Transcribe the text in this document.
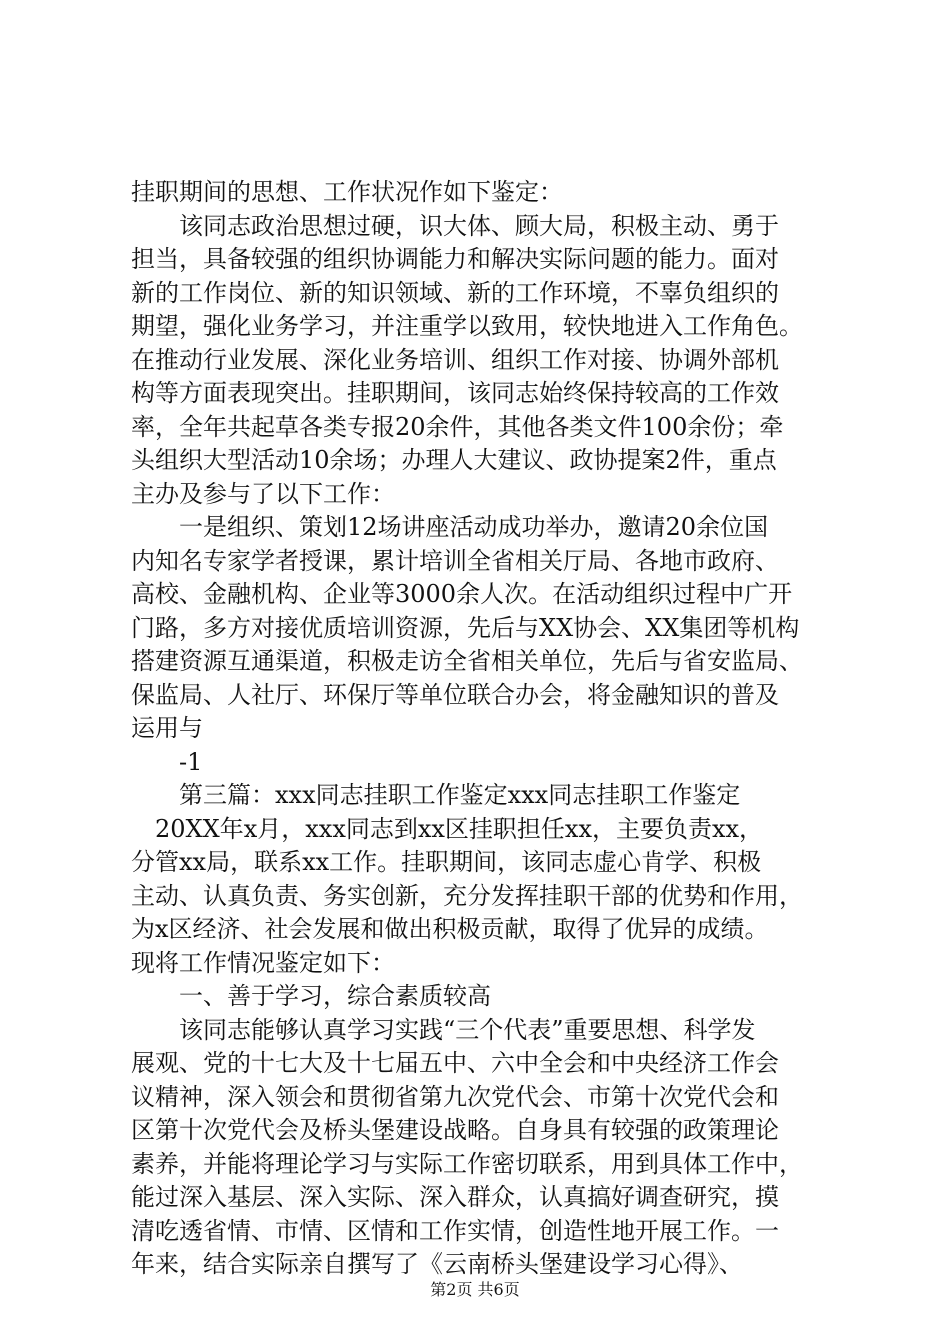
挂职期间的思想、工作状况作如下鉴定：
该同志政治思想过硬，识大体、顾大局，积极主动、勇于
担当，具备较强的组织协调能力和解决实际问题的能力。面对
新的工作岗位、新的知识领域、新的工作环境，不辜负组织的
期望，强化业务学习，并注重学以致用，较快地进入工作角色。
在推动行业发展、深化业务培训、组织工作对接、协调外部机
构等方面表现突出。挂职期间，该同志始终保持较高的工作效
率，全年共起草各类专报20余件，其他各类文件100余份；牵
头组织大型活动10余场；办理人大建议、政协提案2件，重点
主办及参与了以下工作：
一是组织、策划12场讲座活动成功举办，邀请20余位国
内知名专家学者授课，累计培训全省相关厅局、各地市政府、
高校、金融机构、企业等3000余人次。在活动组织过程中广开
门路，多方对接优质培训资源，先后与XX协会、XX集团等机构
搭建资源互通渠道，积极走访全省相关单位，先后与省安监局、
保监局、人社厅、环保厅等单位联合办会，将金融知识的普及
运用与
-1
第三篇：xxx同志挂职工作鉴定xxx同志挂职工作鉴定
20XX年x月，xxx同志到xx区挂职担任xx，主要负责xx，
分管xx局，联系xx工作。挂职期间，该同志虚心肯学、积极
主动、认真负责、务实创新，充分发挥挂职干部的优势和作用，
为x区经济、社会发展和做出积极贡献，取得了优异的成绩。
现将工作情况鉴定如下：
一、善于学习，综合素质较高
该同志能够认真学习实践“三个代表”重要思想、科学发
展观、党的十七大及十七届五中、六中全会和中央经济工作会
议精神，深入领会和贯彻省第九次党代会、市第十次党代会和
区第十次党代会及桥头堡建设战略。自身具有较强的政策理论
素养，并能将理论学习与实际工作密切联系，用到具体工作中，
能过深入基层、深入实际、深入群众，认真搞好调查研究，摸
清吃透省情、市情、区情和工作实情，创造性地开展工作。一
年来，结合实际亲自撰写了《云南桥头堡建设学习心得》、
第2页 共6页
